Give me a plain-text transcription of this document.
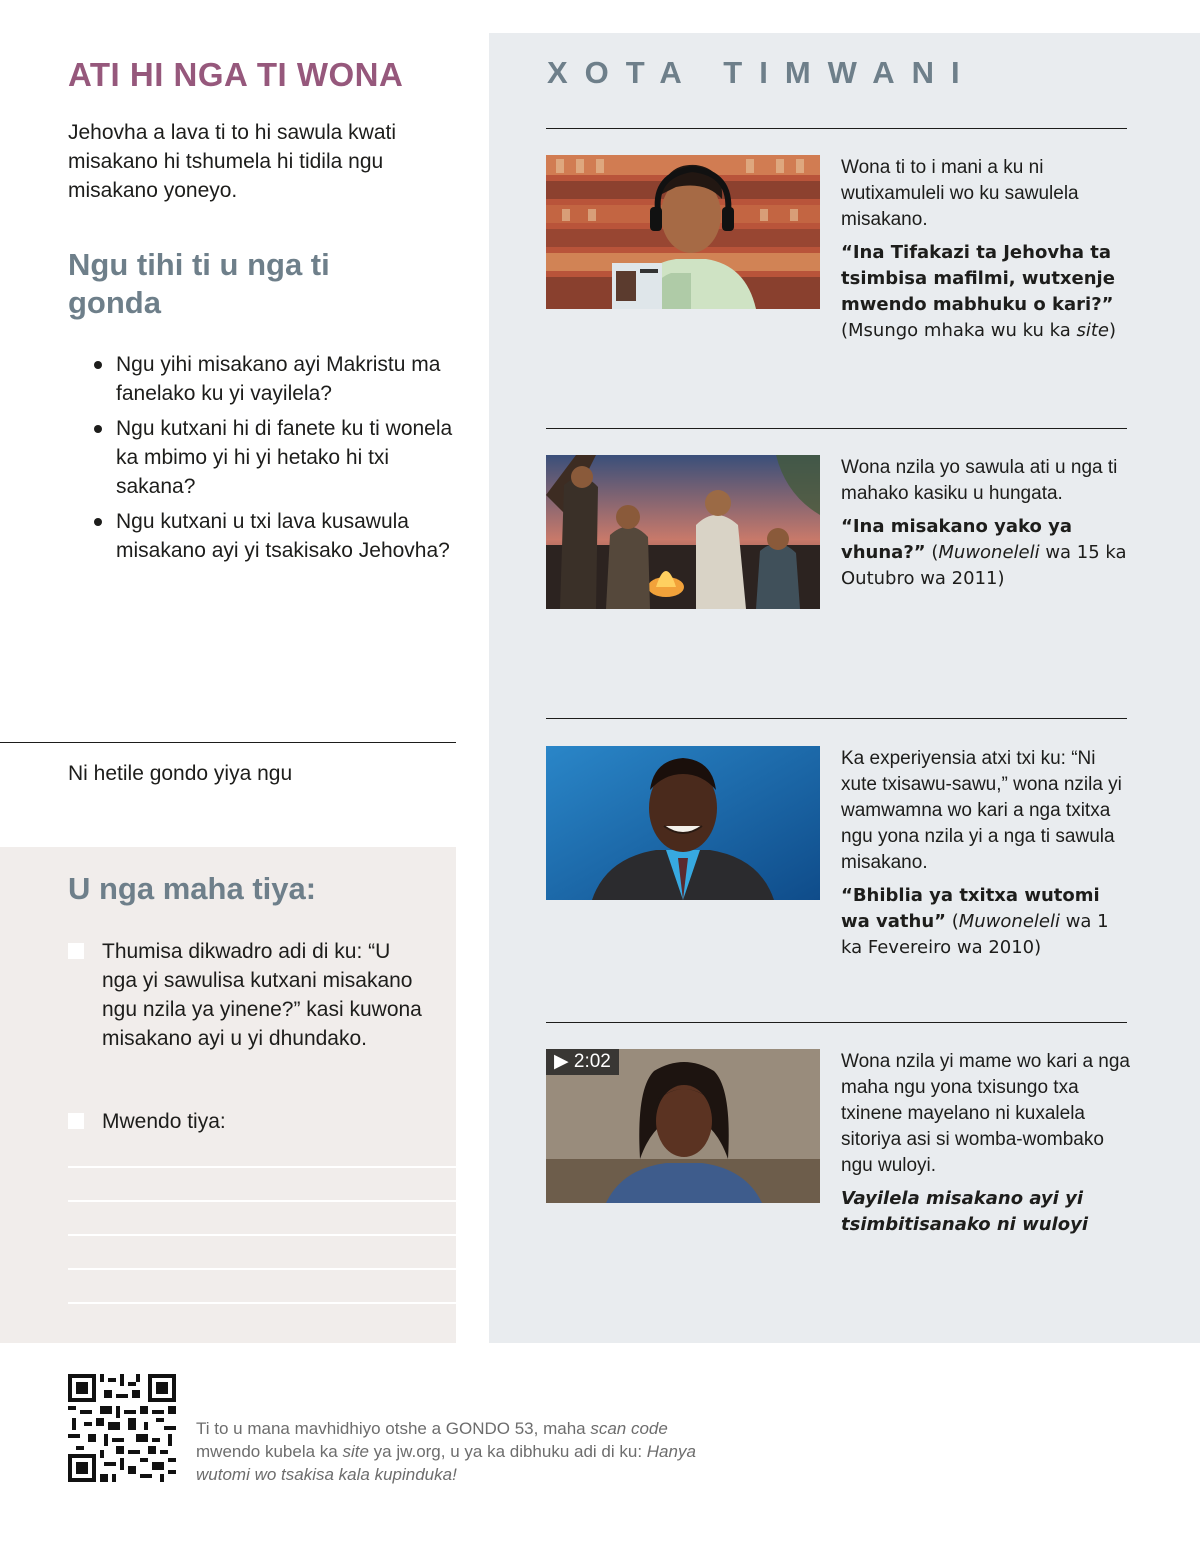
ATI HI NGA TI WONA

Jehovha a lava ti to hi sawula kwati misakano hi tshumela hi tidila ngu misakano yoneyo.

Ngu tihi ti u nga ti gonda
Ngu yihi misakano ayi Makristu ma fanelako ku yi vayilela?
Ngu kutxani hi di fanete ku ti wonela ka mbimo yi hi yi hetako hi txi sakana?
Ngu kutxani u txi lava kusawula misakano ayi yi tsakisako Jehovha?

Ni hetile gondo yiya ngu

U nga maha tiya:
Thumisa dikwadro adi di ku: “U nga yi sawulisa kutxani misakano ngu nzila ya yinene?” kasi kuwona misakano ayi u yi dhundako.
Mwendo tiya:
XOTA TIMWANI

Wona ti to i mani a ku ni wutixamuleli wo ku sawulela misakano.

“Ina Tifakazi ta Jehovha ta tsimbisa mafilmi, wutxenje mwendo mabhuku o kari?” (Msungo mhaka wu ku ka site)

Wona nzila yo sawula ati u nga ti mahako kasiku u hungata.

“Ina misakano yako ya vhuna?” (Muwoneleli wa 15 ka Outubro wa 2011)

Ka experiyensia atxi txi ku: “Ni xute txisawu-sawu,” wona nzila yi wamwamna wo kari a nga txitxa ngu yona nzila yi a nga ti sawula misakano.

“Bhiblia ya txitxa wutomi wa vathu” (Muwoneleli wa 1 ka Fevereiro wa 2010)

▶ 2:02	Wona nzila yi mame wo kari a nga maha ngu yona txisungo txa txinene mayelano ni kuxalela sitoriya asi si womba-wombako ngu wuloyi.

Vayilela misakano ayi yi tsimbitisanako ni wuloyi

Ti to u mana mavhidhiyo otshe a GONDO 53, maha scan code mwendo kubela ka site ya jw.org, u ya ka dibhuku adi di ku: Hanya wutomi wo tsakisa kala kupinduka!
